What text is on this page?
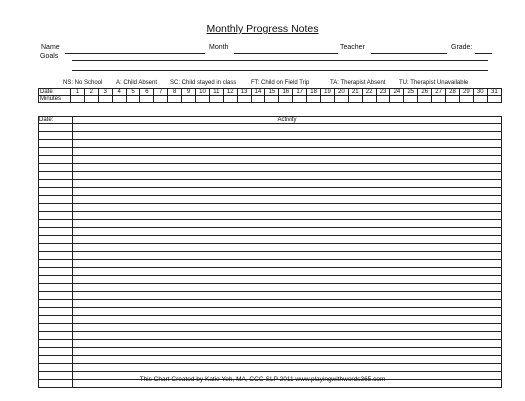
Monthly Progress Notes
Name	Month	Teacher	Grade:
Goals
NS: No School A: Child Absent SC: Child stayed in class FT: Child on Field Trip	TA: Therapist Absent TU: Therapist Unavailable
Date	1	2	3	4	5	6	7	8	9	10	11	12	13	14	15	16	17	18	19	20	21	22	23	24	25	26	27	28	29	30	31
Minutes																															
Date:	Activity

This Chart Created by Katie Yeh, MA, CCC-SLP 2011 www.playingwithwords365.com
